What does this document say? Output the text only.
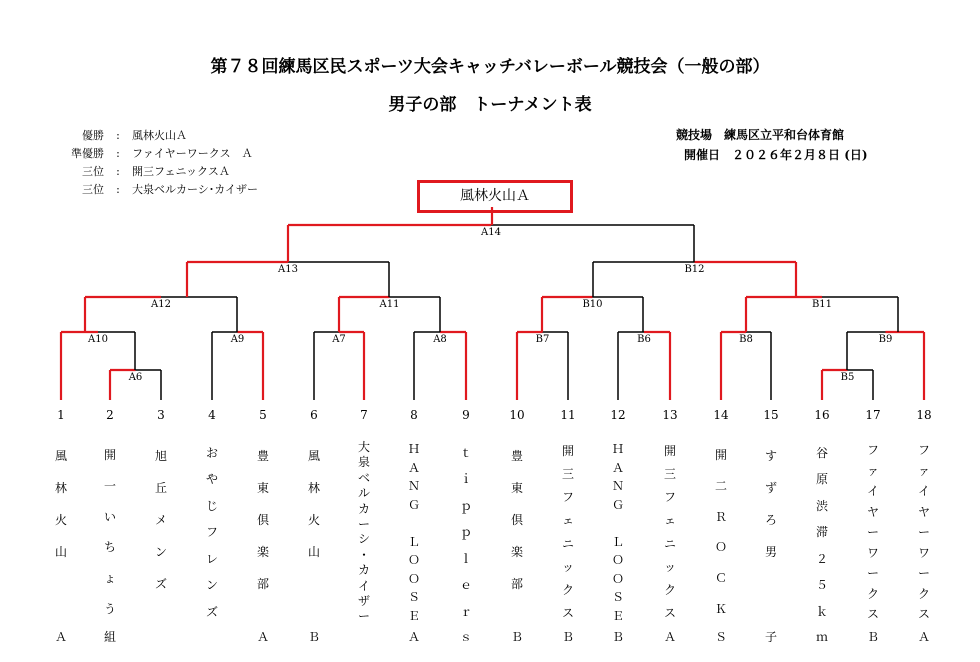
第７８回練馬区民スポーツ大会キャッチバレーボール競技会（一般の部）
男子の部　トーナメント表
優勝 : 風林火山Ａ
準優勝 : ファイヤーワークス　Ａ
三位 : 開三フェニックスＡ
三位 : 大泉ベルカーシ･カイザー
競技場　 練馬区立平和台体育館
開催日　 ２０２６年２月８日 (日)
風林火山Ａ
A6	B5
A10	A9	A7	A8	B7	B6	B8	B9
A12	A11	B10	B11
A13	B12
A14
1
風
林
火
山
Ａ
2
開
一
い
ち
ょ
う
組
3
旭
丘
メ
ン
ズ
4
お
や
じ
フ
レ
ン
ズ
5
豊
東
倶
楽
部
Ａ
6
風
林
火
山
Ｂ
7
大
泉
ベ
ル
カ
ー
シ
・
カ
イ
ザ
ー
8
Ｈ
Ａ
Ｎ
Ｇ
Ｌ
Ｏ
Ｏ
Ｓ
Ｅ
Ａ
9
ｔ
ｉ
ｐ
ｐ
ｌ
ｅ
ｒ
ｓ
10
豊
東
倶
楽
部
Ｂ
11
開
三
フ
ェ
ニ
ッ
ク
ス
Ｂ
12
Ｈ
Ａ
Ｎ
Ｇ
Ｌ
Ｏ
Ｏ
Ｓ
Ｅ
Ｂ
13
開
三
フ
ェ
ニ
ッ
ク
ス
Ａ
14
開
二
Ｒ
Ｏ
Ｃ
Ｋ
Ｓ
15
す
ず
ろ
男
子
16
谷
原
渋
滞
２
５
ｋ
ｍ
17
フ
ァ
イ
ヤ
ー
ワ
ー
ク
ス
Ｂ
18
フ
ァ
イ
ヤ
ー
ワ
ー
ク
ス
Ａ
